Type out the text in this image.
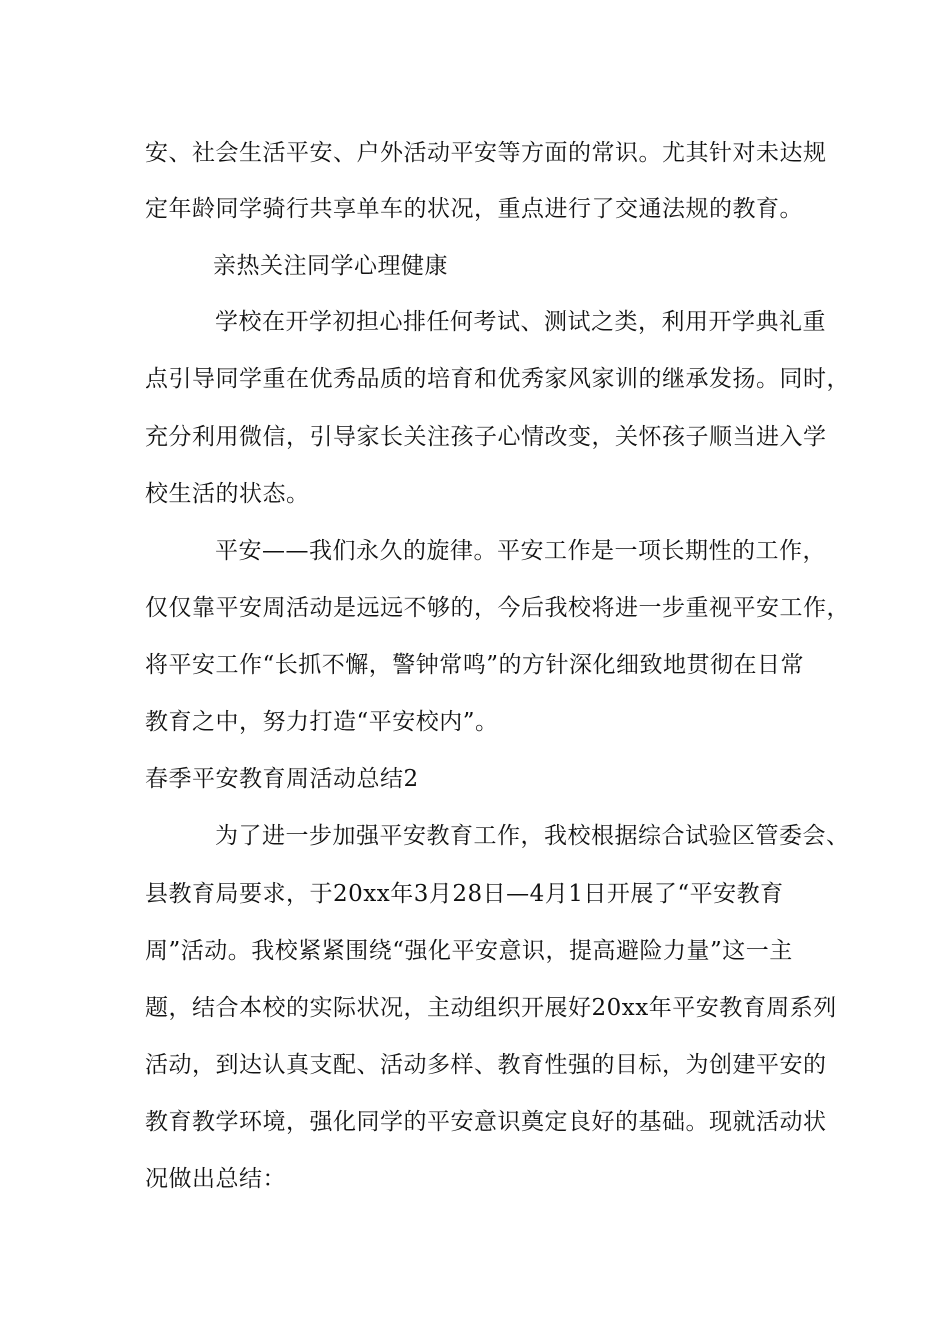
安、社会生活平安、户外活动平安等方面的常识。尤其针对未达规
定年龄同学骑行共享单车的状况，重点进行了交通法规的教育。
亲热关注同学心理健康
学校在开学初担心排任何考试、测试之类，利用开学典礼重
点引导同学重在优秀品质的培育和优秀家风家训的继承发扬。同时，
充分利用微信，引导家长关注孩子心情改变，关怀孩子顺当进入学
校生活的状态。
平安——我们永久的旋律。平安工作是一项长期性的工作，
仅仅靠平安周活动是远远不够的，今后我校将进一步重视平安工作，
将平安工作“长抓不懈，警钟常鸣”的方针深化细致地贯彻在日常
教育之中，努力打造“平安校内”。
春季平安教育周活动总结2
为了进一步加强平安教育工作，我校根据综合试验区管委会、
县教育局要求，于20xx年3月28日—4月1日开展了“平安教育
周”活动。我校紧紧围绕“强化平安意识，提高避险力量”这一主
题，结合本校的实际状况，主动组织开展好20xx年平安教育周系列
活动，到达认真支配、活动多样、教育性强的目标，为创建平安的
教育教学环境，强化同学的平安意识奠定良好的基础。现就活动状
况做出总结：
